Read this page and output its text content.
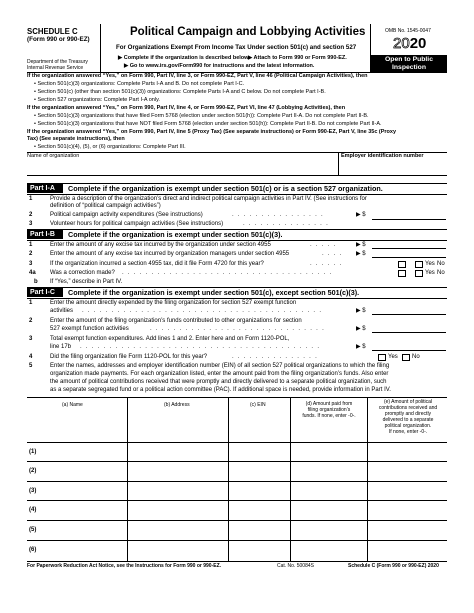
SCHEDULE C
(Form 990 or 990-EZ)
Department of the Treasury
Internal Revenue Service
Political Campaign and Lobbying Activities
For Organizations Exempt From Income Tax Under section 501(c) and section 527
▶ Complete if the organization is described below.
▶ Attach to Form 990 or Form 990-EZ.
▶ Go to www.irs.gov/Form990 for instructions and the latest information.
OMB No. 1545-0047
2020
Open to Public
Inspection
If the organization answered “Yes,” on Form 990, Part IV, line 3, or Form 990-EZ, Part V, line 46 (Political Campaign Activities), then
• Section 501(c)(3) organizations: Complete Parts I-A and B. Do not complete Part I-C.
• Section 501(c) (other than section 501(c)(3)) organizations: Complete Parts I-A and C below. Do not complete Part I-B.
• Section 527 organizations: Complete Part I-A only.
If the organization answered “Yes,” on Form 990, Part IV, line 4, or Form 990-EZ, Part VI, line 47 (Lobbying Activities), then
• Section 501(c)(3) organizations that have filed Form 5768 (election under section 501(h)): Complete Part II-A. Do not complete Part II-B.
• Section 501(c)(3) organizations that have NOT filed Form 5768 (election under section 501(h)): Complete Part II-B. Do not complete Part II-A.
If the organization answered “Yes,” on Form 990, Part IV, line 5 (Proxy Tax) (See separate instructions) or Form 990-EZ, Part V, line 35c (Proxy
Tax) (See separate instructions), then
• Section 501(c)(4), (5), or (6) organizations: Complete Part III.
Name of organization	Employer identification number
Part I-A	Complete if the organization is exempt under section 501(c) or is a section 527 organization.
1	Provide a description of the organization’s direct and indirect political campaign activities in Part IV. (See instructions for
definition of “political campaign activities”)
2	Political campaign activity expenditures (See instructions)	. . . . . . . . . . . . . . . .	▶ $
3	Volunteer hours for political campaign activities (See instructions)	. . . . . . . . . . . . . . .
Part I-B	Complete if the organization is exempt under section 501(c)(3).
1	Enter the amount of any excise tax incurred by the organization under section 4955	. . . . .	▶ $
2	Enter the amount of any excise tax incurred by organization managers under section 4955	. . . . ▶ $
3	If the organization incurred a section 4955 tax, did it file Form 4720 for this year?	. . . . . .	Yes No
4a	Was a correction made? . . . . . . . . . . . . . . . . . . . . . . . . . . . . . . . . . . . .	Yes No
b	If “Yes,” describe in Part IV.
Part I-C	Complete if the organization is exempt under section 501(c), except section 501(c)(3).
1	Enter the amount directly expended by the filing organization for section 527 exempt function
activities . . . . . . . . . . . . . . . . . . . . . . . . . . . . . . . . . . . . . . . . .	▶ $
2	Enter the amount of the filing organization’s funds contributed to other organizations for section
527 exempt function activities	. . . . . . . . . . . . . . . . . . . . . . . . . . . . . .	▶ $
3	Total exempt function expenditures. Add lines 1 and 2. Enter here and on Form 1120-POL,
line 17b . . . . . . . . . . . . . . . . . . . . . . . . . . . . . . . . . . . . . . . . .	▶ $
4	Did the filing organization file Form 1120-POL for this year?	. . . . . . . . . . . . . . .	Yes No
5	Enter the names, addresses and employer identification number (EIN) of all section 527 political organizations to which the filing
organization made payments. For each organization listed, enter the amount paid from the filing organization’s funds. Also enter
the amount of political contributions received that were promptly and directly delivered to a separate political organization, such
as a separate segregated fund or a political action committee (PAC). If additional space is needed, provide information in Part IV.
(a) Name	(b) Address	(c) EIN	(d) Amount paid from
filing organization’s
funds. If none, enter -0-.
(e) Amount of political
contributions received and
promptly and directly
delivered to a separate
political organization.
If none, enter -0-.
(1)
(2)
(3)
(4)
(5)
(6)
For Paperwork Reduction Act Notice, see the Instructions for Form 990 or 990-EZ.	Cat. No. 50084S	Schedule C (Form 990 or 990-EZ) 2020
